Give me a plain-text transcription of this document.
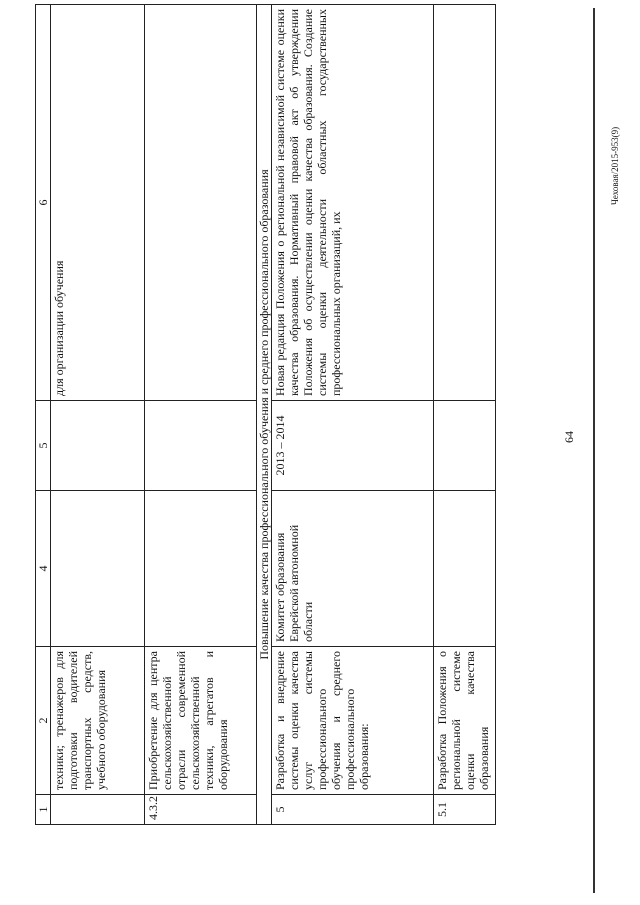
64
1	2	4	5	6
	техники; тренажеров для подготовки водителей транспортных средств, учебного оборудования			для организации обучения
4.3.2	Приобретение для центра сельскохозяйственной отрасли современной сельскохозяйственной техники, агрегатов и оборудования			
Повышение качества профессионального обучения и среднего профессионального образования				
5	Разработка и внедрение системы оценки качества услуг системы профессионального обучения и среднего профессионального образования:	Комитет образования Еврейской автономной области	2013 – 2014	Новая редакция Положения о региональной независимой системе оценки качества образования. Нормативный правовой акт об утверждении Положения об осуществлении оценки качества образования. Создание системы оценки деятельности областных государственных профессиональных организаций, их
5.1	Разработка Положения о региональной системе оценки качества образования			
Чеховая/2015-953(9)
